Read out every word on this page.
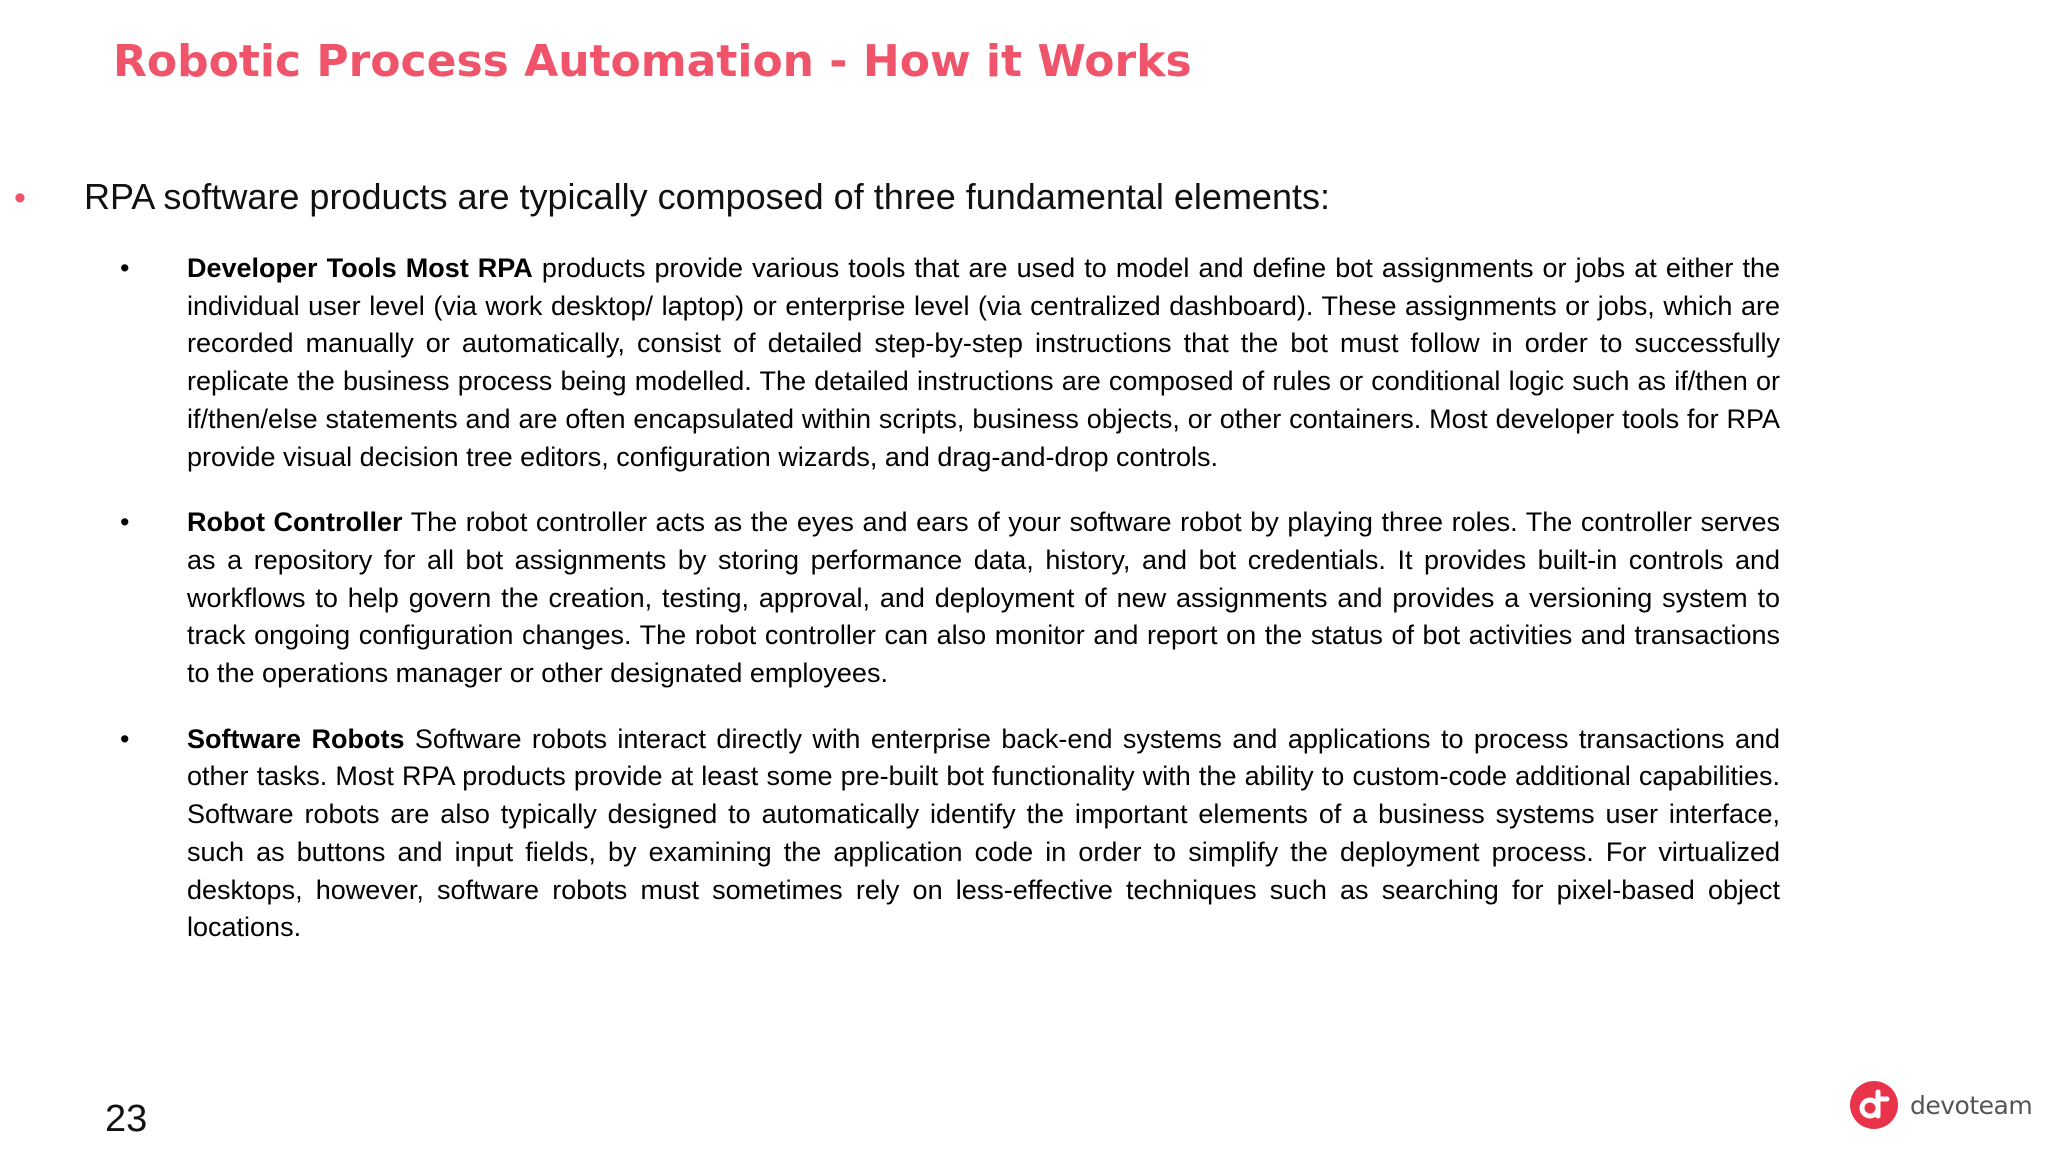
Robotic Process Automation - How it Works
• RPA software products are typically composed of three fundamental elements:

• Developer Tools Most RPA products provide various tools that are used to model and define bot assignments or jobs at either the individual user level (via work desktop/ laptop) or enterprise level (via centralized dashboard). These assignments or jobs, which are recorded manually or automatically, consist of detailed step-by-step instructions that the bot must follow in order to successfully replicate the business process being modelled. The detailed instructions are composed of rules or conditional logic such as if/then or if/then/else statements and are often encapsulated within scripts, business objects, or other containers. Most developer tools for RPA provide visual decision tree editors, configuration wizards, and drag-and-drop controls.

• Robot Controller The robot controller acts as the eyes and ears of your software robot by playing three roles. The controller serves as a repository for all bot assignments by storing performance data, history, and bot credentials. It provides built-in controls and workflows to help govern the creation, testing, approval, and deployment of new assignments and provides a versioning system to track ongoing configuration changes. The robot controller can also monitor and report on the status of bot activities and transactions to the operations manager or other designated employees.

• Software Robots Software robots interact directly with enterprise back-end systems and applications to process transactions and other tasks. Most RPA products provide at least some pre-built bot functionality with the ability to custom-code additional capabilities. Software robots are also typically designed to automatically identify the important elements of a business systems user interface, such as buttons and input fields, by examining the application code in order to simplify the deployment process. For virtualized desktops, however, software robots must sometimes rely on less-effective techniques such as searching for pixel-based object locations.

23	devoteam
